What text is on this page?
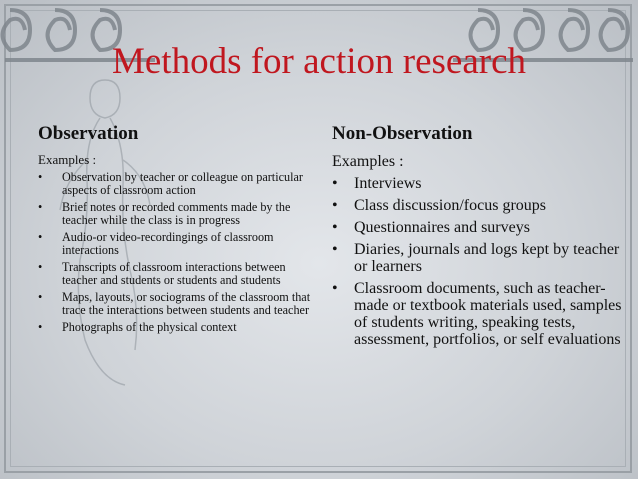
Methods for action research
Observation
Examples :
• Observation by teacher or colleague on particular aspects of classroom action
• Brief notes or recorded comments made by the teacher while the class is in progress
• Audio-or video-recordingings of classroom interactions
• Transcripts of classroom interactions between teacher and students or students and students
• Maps, layouts, or sociograms of the classroom that trace the interactions between students and teacher
• Photographs of the physical context
Non-Observation
Examples :
• Interviews
• Class discussion/focus groups
• Questionnaires and surveys
• Diaries, journals and logs kept by teacher or learners
• Classroom documents, such as teacher-made or textbook materials used, samples of students writing, speaking tests, assessment, portfolios, or self evaluations
